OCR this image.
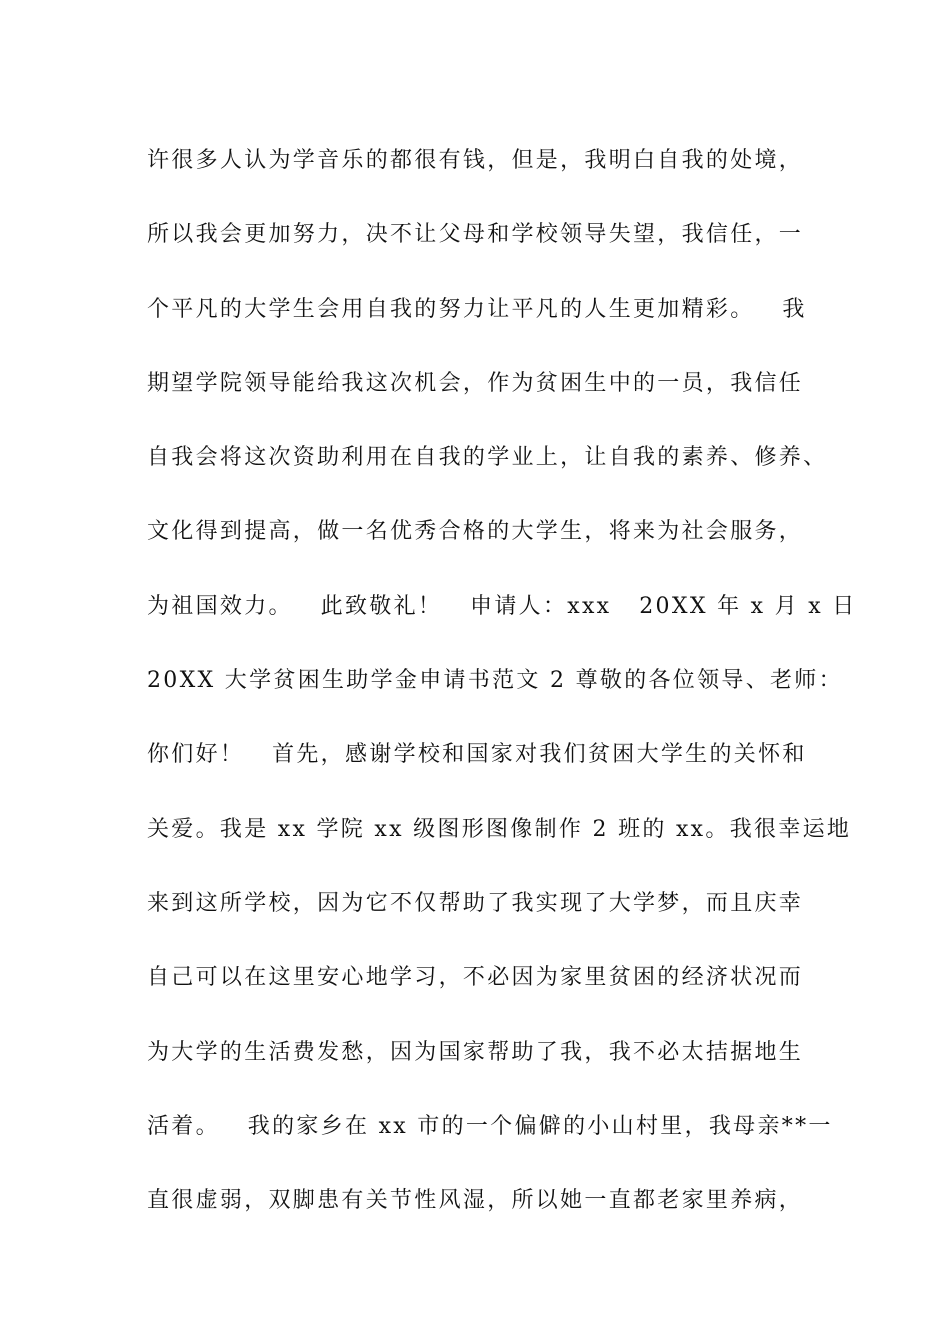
许很多人认为学音乐的都很有钱，但是，我明白自我的处境，
所以我会更加努力，决不让父母和学校领导失望，我信任，一
个平凡的大学生会用自我的努力让平凡的人生更加精彩。   我
期望学院领导能给我这次机会，作为贫困生中的一员，我信任
自我会将这次资助利用在自我的学业上，让自我的素养、修养、
文化得到提高，做一名优秀合格的大学生，将来为社会服务，
为祖国效力。   此致敬礼！   申请人：xxx   20XX 年 x 月 x 日
20XX 大学贫困生助学金申请书范文 2 尊敬的各位领导、老师：
你们好！   首先，感谢学校和国家对我们贫困大学生的关怀和
关爱。我是 xx 学院 xx 级图形图像制作 2 班的 xx。我很幸运地
来到这所学校，因为它不仅帮助了我实现了大学梦，而且庆幸
自己可以在这里安心地学习，不必因为家里贫困的经济状况而
为大学的生活费发愁，因为国家帮助了我，我不必太拮据地生
活着。   我的家乡在 xx 市的一个偏僻的小山村里，我母亲**一
直很虚弱，双脚患有关节性风湿，所以她一直都老家里养病，
